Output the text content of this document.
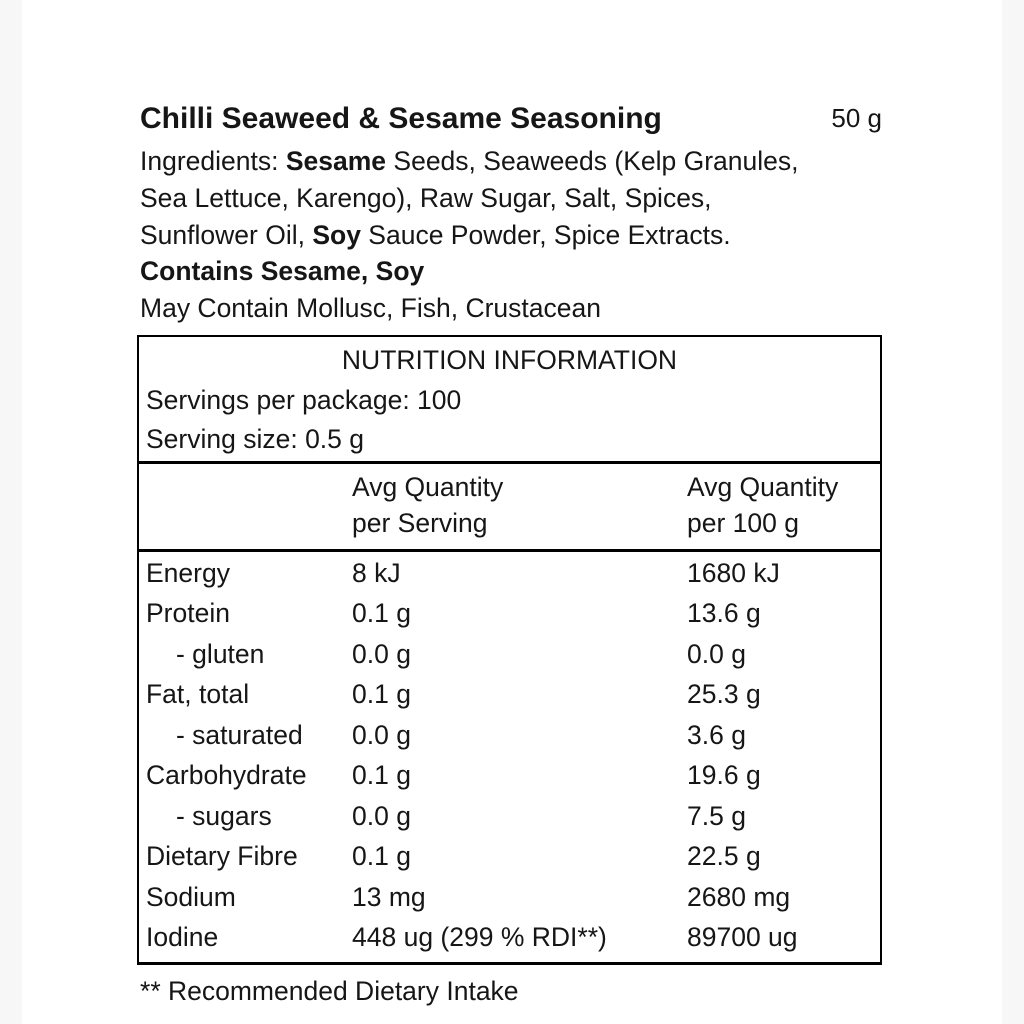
Chilli Seaweed & Sesame Seasoning	50 g
Ingredients: Sesame Seeds, Seaweeds (Kelp Granules,
Sea Lettuce, Karengo), Raw Sugar, Salt, Spices,
Sunflower Oil, Soy Sauce Powder, Spice Extracts.
Contains Sesame, Soy
May Contain Mollusc, Fish, Crustacean
NUTRITION INFORMATION
Servings per package: 100
Serving size: 0.5 g
Avg Quantity
per Serving
Avg Quantity
per 100 g
Energy	8 kJ	1680 kJ
Protein	0.1 g	13.6 g
- gluten	0.0 g	0.0 g
Fat, total	0.1 g	25.3 g
- saturated	0.0 g	3.6 g
Carbohydrate	0.1 g	19.6 g
- sugars	0.0 g	7.5 g
Dietary Fibre	0.1 g	22.5 g
Sodium	13 mg	2680 mg
Iodine	448 ug (299 % RDI**)	89700 ug
** Recommended Dietary Intake
